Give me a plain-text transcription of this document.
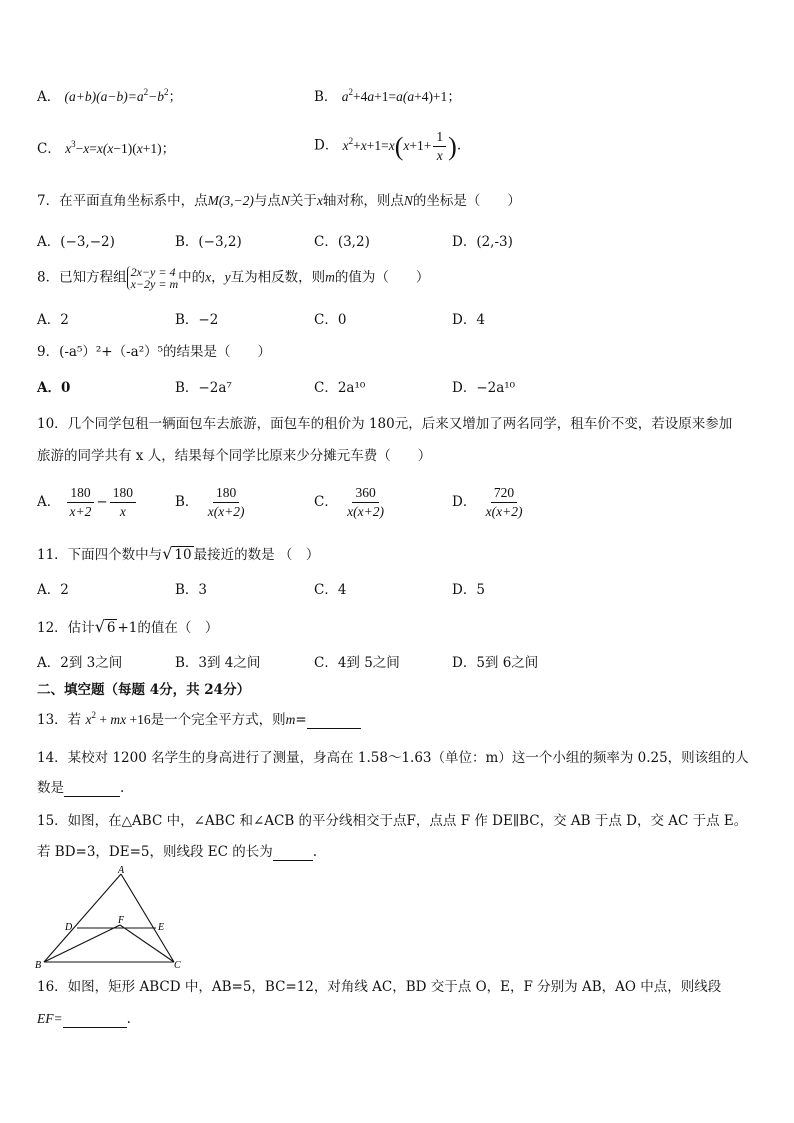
A． $(a+b)(a-b)=a^2-b^2$；	B． $a^2+4a+1=a(a+4)+1$；
C． $x^3-x=x(x-1)(x+1)$；	D． $x^2+x+1=x(x+1+ \frac{1}{x}$ ).
7．在平面直角坐标系中，点M(3,−2)与点N关于x轴对称，则点N的坐标是（　　）
A．(−3,−2)	B．(−3,2)	C．(3,2)	D．(2,-3)
8．已知方程组 2x−y = 4
x−2y = m 中的x，y互为相反数，则m的值为（　　）
A．2	B．−2	C．0	D．4
9．(-a⁵）²+（-a²）⁵的结果是（　　）
A．0	B．−2a⁷	C．2a¹⁰	D．−2a¹⁰
10．几个同学包租一辆面包车去旅游，面包车的租价为 180元，后来又增加了两名同学，租车价不变，若设原来参加
旅游的同学共有 x 人，结果每个同学比原来少分摊元车费（　　）
A． $\frac{180}{x+2} - \frac{180}{x}$	B． $\frac{180}{x(x+2)}$	C． $\frac{360}{x(x+2)}$	D． $\frac{720}{x(x+2)}$
11．下面四个数中与 √ 10 最接近的数是 （　）
A．2	B．3	C．4	D．5
12．估计 √ 6 +1的值在（　）
A．2到 3之间	B．3到 4之间	C．4到 5之间	D．5到 6之间
二、填空题（每题 4分，共 24分）
13．若 $x^2$ + mx +16是一个完全平方式，则m=
14．某校对 1200 名学生的身高进行了测量，身高在 1.58～1.63（单位：m）这一个小组的频率为 0.25，则该组的人
数是	.
15．如图，在△ABC 中，∠ABC 和∠ACB 的平分线相交于点F，点点 F 作 DE∥BC，交 AB 于点 D，交 AC 于点 E。
若 BD=3，DE=5，则线段 EC 的长为	.
A
B	C
D	E
F
16．如图，矩形 ABCD 中，AB=5，BC=12，对角线 AC，BD 交于点 O，E，F 分别为 AB，AO 中点，则线段
EF=	.
